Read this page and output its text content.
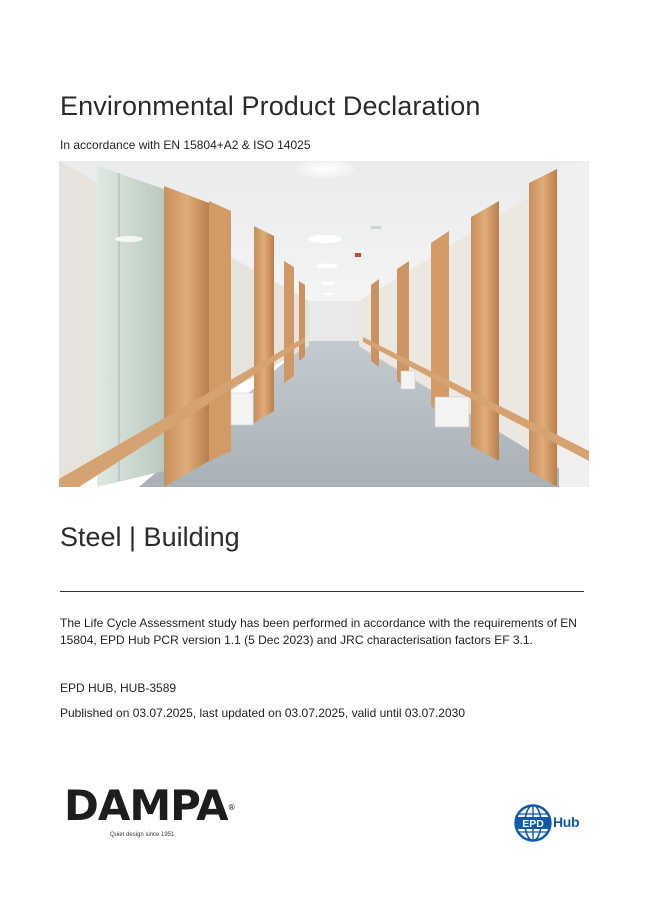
Environmental Product Declaration
In accordance with EN 15804+A2 & ISO 14025
Steel | Building
The Life Cycle Assessment study has been performed in accordance with the requirements of EN 15804, EPD Hub PCR version 1.1 (5 Dec 2023) and JRC characterisation factors EF 3.1.
EPD HUB, HUB-3589
Published on 03.07.2025, last updated on 03.07.2025, valid until 03.07.2030
DAMPA ®
Quiet design since 1951
EPD Hub
